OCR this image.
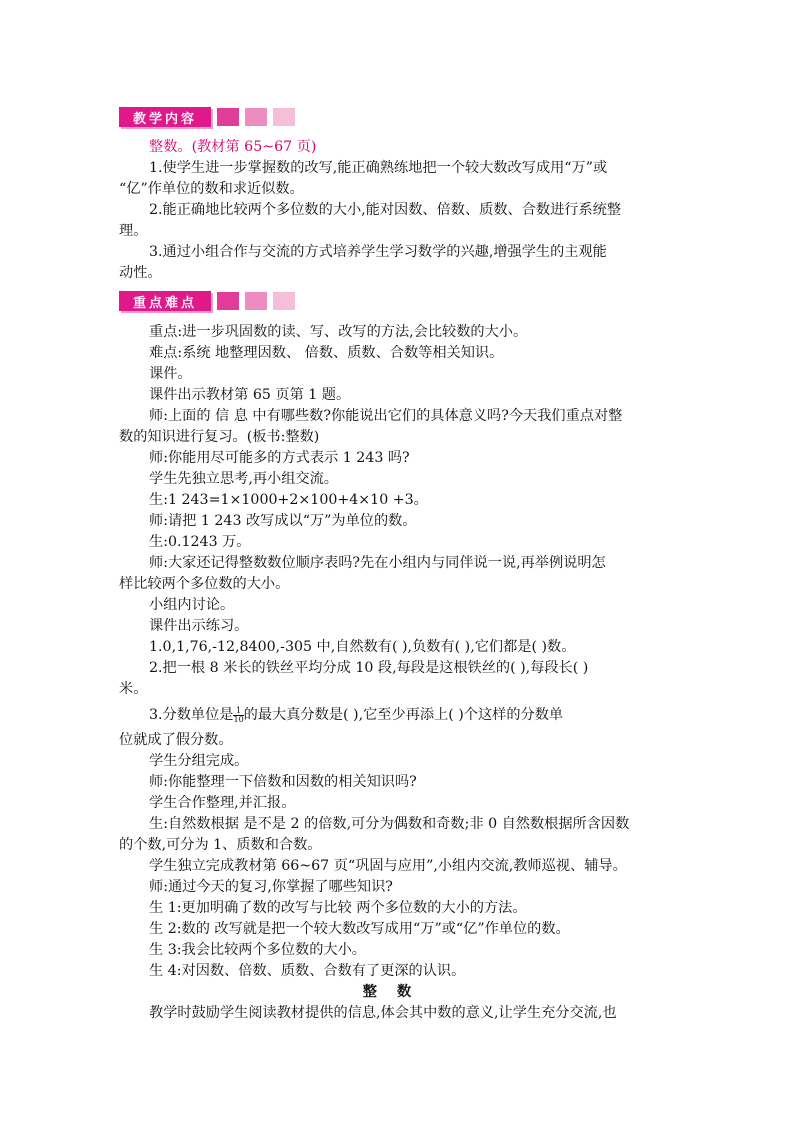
教学内容
整数。(教材第 65~67 页)
1.使学生进一步掌握数的改写,能正确熟练地把一个较大数改写成用“万”或
“亿”作单位的数和求近似数。
2.能正确地比较两个多位数的大小,能对因数、倍数、质数、合数进行系统整
理。
3.通过小组合作与交流的方式培养学生学习数学的兴趣,增强学生的主观能
动性。
重点难点
重点:进一步巩固数的读、写、改写的方法,会比较数的大小。
难点:系统 地整理因数、 倍数、质数、合数等相关知识。
课件。
课件出示教材第 65 页第 1 题。
师:上面的 信 息 中有哪些数?你能说出它们的具体意义吗?今天我们重点对整
数的知识进行复习。(板书:整数)
师:你能用尽可能多的方式表示 1 243 吗?
学生先独立思考,再小组交流。
生:1 243=1×1000+2×100+4×10 +3。
师:请把 1 243 改写成以“万”为单位的数。
生:0.1243 万。
师:大家还记得整数数位顺序表吗?先在小组内与同伴说一说,再举例说明怎
样比较两个多位数的大小。
小组内讨论。
课件出示练习。
1.0,1,76,-12,8400,-305 中,自然数有( ),负数有( ),它们都是( )数。
2.把一根 8 米长的铁丝平均分成 10 段,每段是这根铁丝的( ),每段长( )
米。
3.分数单位是 $\frac{1}{10}$ 的最大真分数是( ),它至少再添上( )个这样的分数单
位就成了假分数。
学生分组完成。
师:你能整理一下倍数和因数的相关知识吗?
学生合作整理,并汇报。
生:自然数根据 是不是 2 的倍数,可分为偶数和奇数;非 0 自然数根据所含因数
的个数,可分为 1、质数和合数。
学生独立完成教材第 66~67 页“巩固与应用”,小组内交流,教师巡视、辅导。
师:通过今天的复习,你掌握了哪些知识?
生 1:更加明确了数的改写与比较 两个多位数的大小的方法。
生 2:数的 改写就是把一个较大数改写成用“万”或“亿”作单位的数。
生 3:我会比较两个多位数的大小。
生 4:对因数、倍数、质数、合数有了更深的认识。
整数
教学时鼓励学生阅读教材提供的信息,体会其中数的意义,让学生充分交流,也
